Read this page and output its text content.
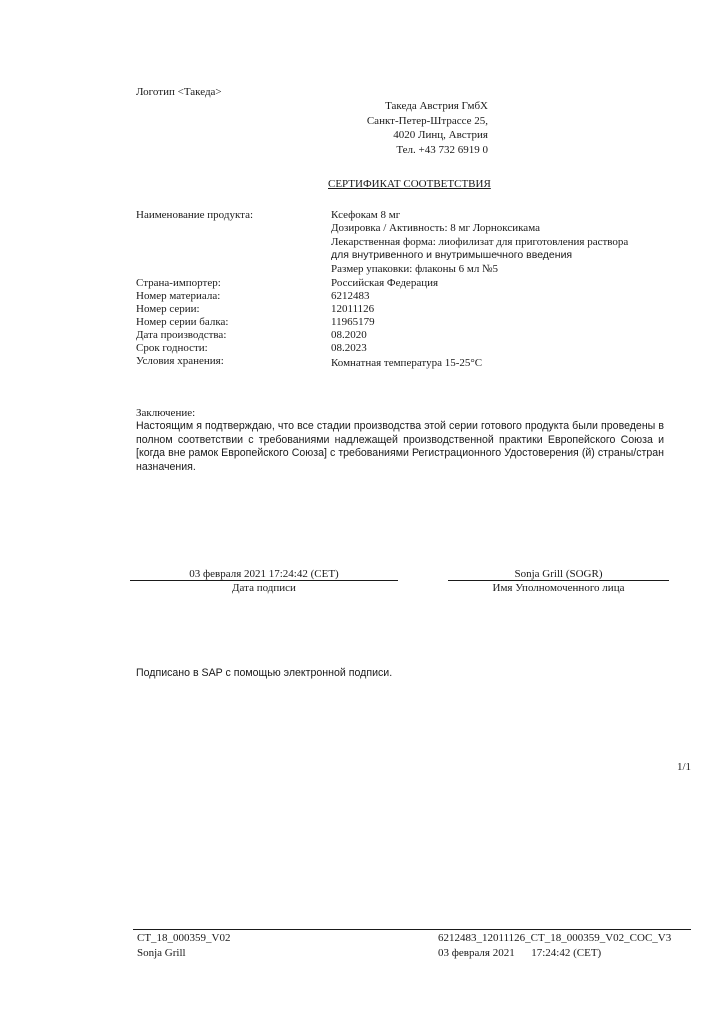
Логотип <Такеда>
Такеда Австрия ГмбХ
Санкт-Петер-Штрассе 25,
4020 Линц, Австрия
Тел. +43 732 6919 0
СЕРТИФИКАТ СООТВЕТСТВИЯ
Наименование продукта:	Ксефокам 8 мг
Дозировка / Активность: 8 мг Лорноксикама
Лекарственная форма: лиофилизат для приготовления раствора
для внутривенного и внутримышечного введения
Размер упаковки: флаконы 6 мл №5
Страна-импортер:	Российская Федерация
Номер материала:	6212483
Номер серии:	12011126
Номер серии балка:	11965179
Дата производства:	08.2020
Срок годности:	08.2023
Условия хранения:	Комнатная температура 15-25°С
Заключение:
Настоящим я подтверждаю, что все стадии производства этой серии готового продукта были проведены в полном соответствии с требованиями надлежащей производственной практики Европейского Союза и [когда вне рамок Европейского Союза] с требованиями Регистрационного Удостоверения (й) страны/стран назначения.
03 февраля 2021 17:24:42 (CET)
Дата подписи
Sonja Grill (SOGR)
Имя Уполномоченного лица
Подписано в SAP с помощью электронной подписи.
1/1
CT_18_000359_V02
Sonja Grill
6212483_12011126_CT_18_000359_V02_COC_V3
03 февраля 2021      17:24:42 (CET)
